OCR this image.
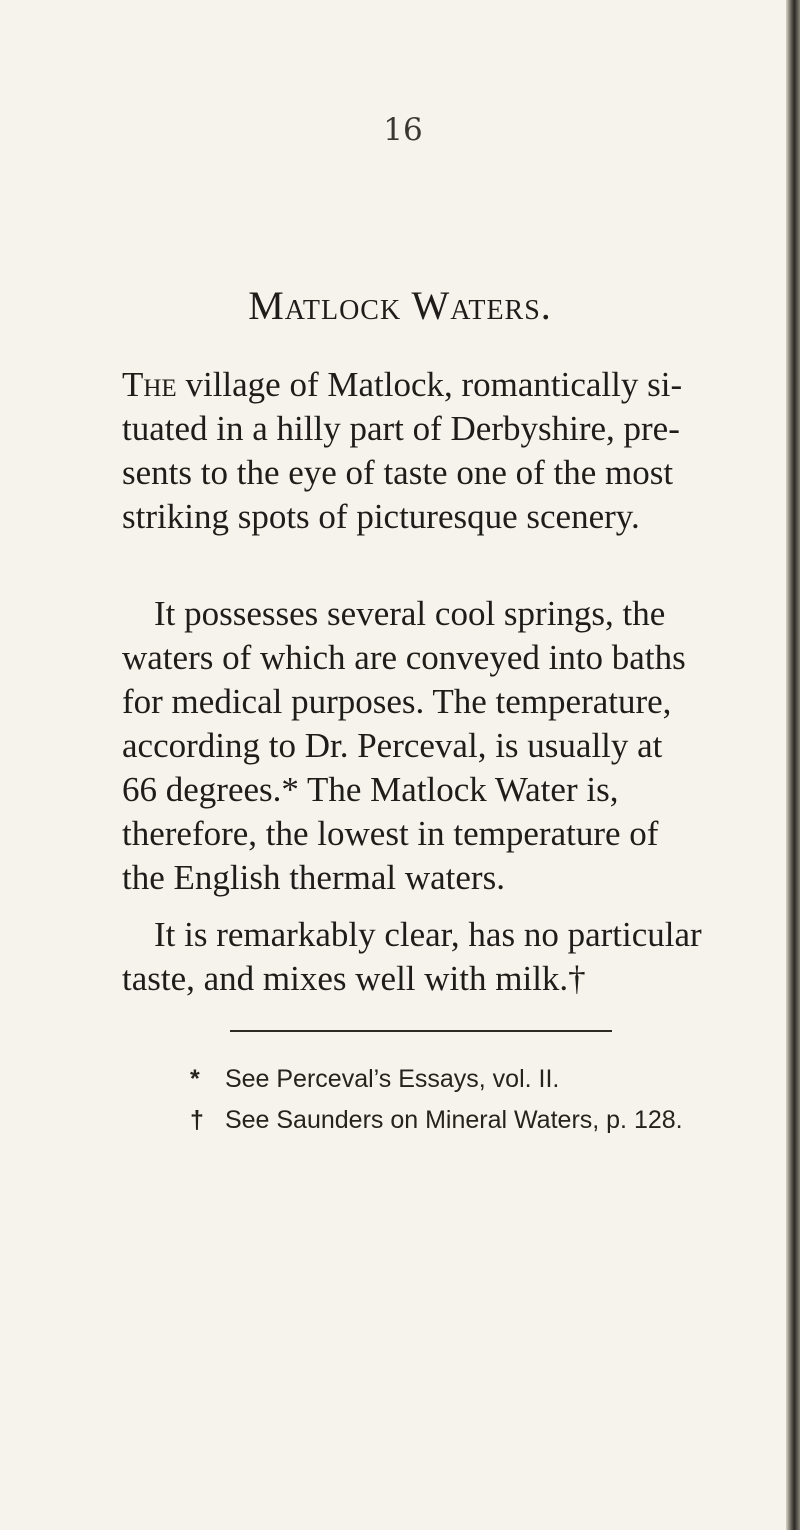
16
Matlock Waters.
The village of Matlock, romantically si-
tuated in a hilly part of Derbyshire, pre-
sents to the eye of taste one of the most
striking spots of picturesque scenery.
It possesses several cool springs, the
waters of which are conveyed into baths
for medical purposes. The temperature,
according to Dr. Perceval, is usually at
66 degrees.* The Matlock Water is,
therefore, the lowest in temperature of
the English thermal waters.
It is remarkably clear, has no particular
taste, and mixes well with milk.†
* See Perceval’s Essays, vol. II.
† See Saunders on Mineral Waters, p. 128.
